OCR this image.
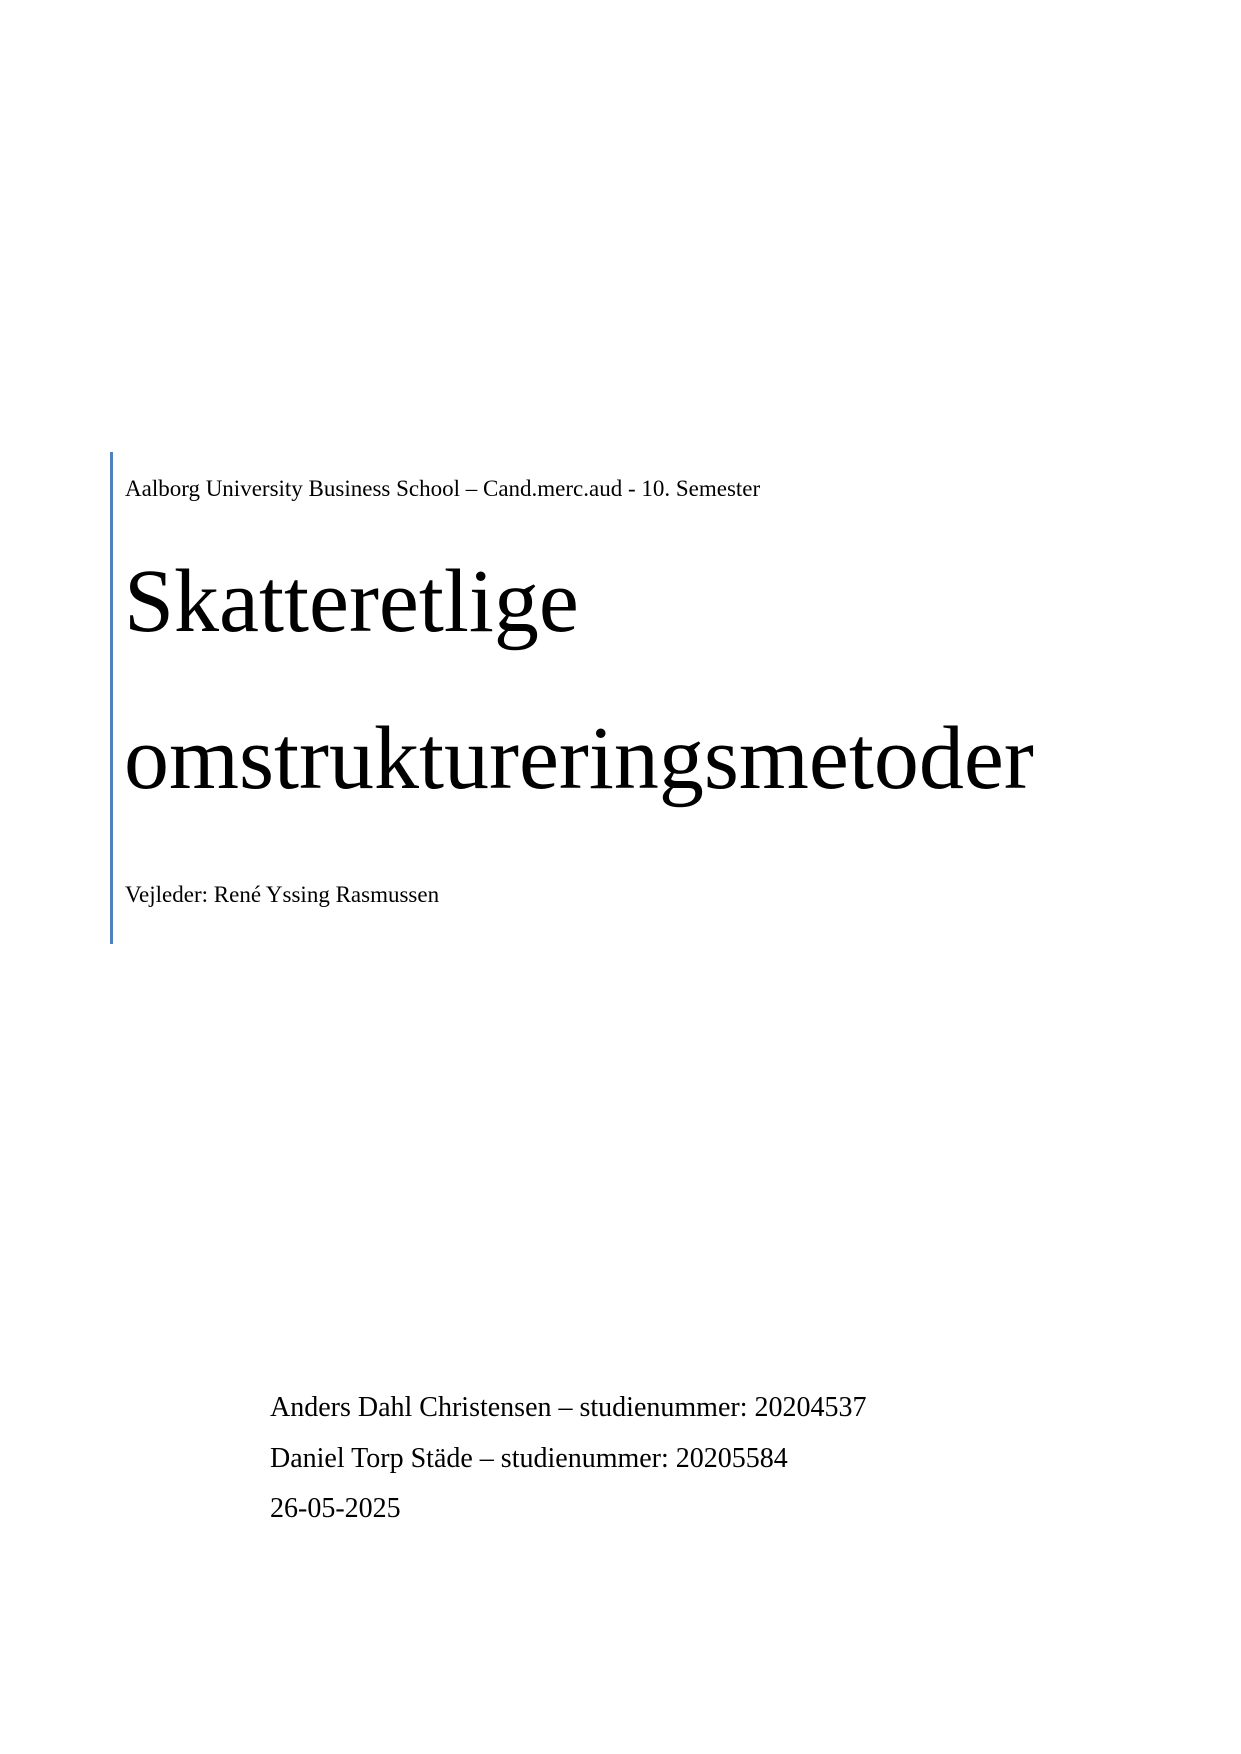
Aalborg University Business School – Cand.merc.aud - 10. Semester
Skatteretlige
omstruktureringsmetoder
Vejleder: René Yssing Rasmussen
Anders Dahl Christensen – studienummer: 20204537
Daniel Torp Städe – studienummer: 20205584
26-05-2025
